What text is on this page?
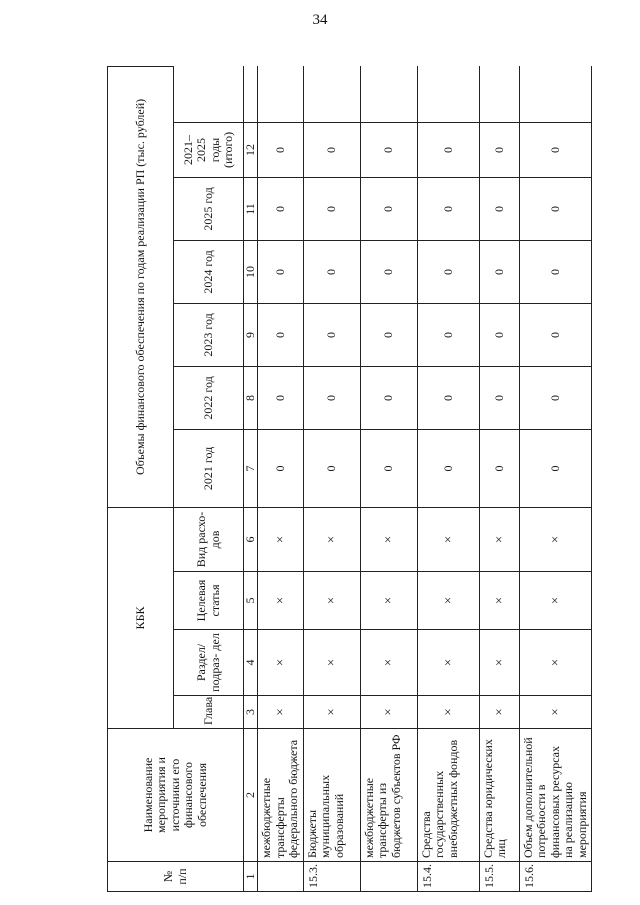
34
№ п/п	Наименование мероприятия и источники его финансового обеспечения	КБК				Объемы финансового обеспечения по годам реализации РП (тыс. рублей)						
		Глава	Раздел/ подраз- дел	Целевая статья	Вид расхо- дов	2021 год	2022 год	2023 год	2024 год	2025 год	2021–2025 годы (итого)	
1	2	3	4	5	6	7	8	9	10	11	12	
	межбюджетные трансферты федерального бюджета	×	×	×	×	0	0	0	0	0	0	
15.3.	Бюджеты муниципальных образований	×	×	×	×	0	0	0	0	0	0	
	межбюджетные трансферты из бюджетов субъектов РФ	×	×	×	×	0	0	0	0	0	0	
15.4.	Средства государственных внебюджетных фондов	×	×	×	×	0	0	0	0	0	0	
15.5.	Средства юридических лиц	×	×	×	×	0	0	0	0	0	0	
15.6.	Объем дополнительной потребности в финансовых ресурсах на реализацию мероприятия	×	×	×	×	0	0	0	0	0	0	
